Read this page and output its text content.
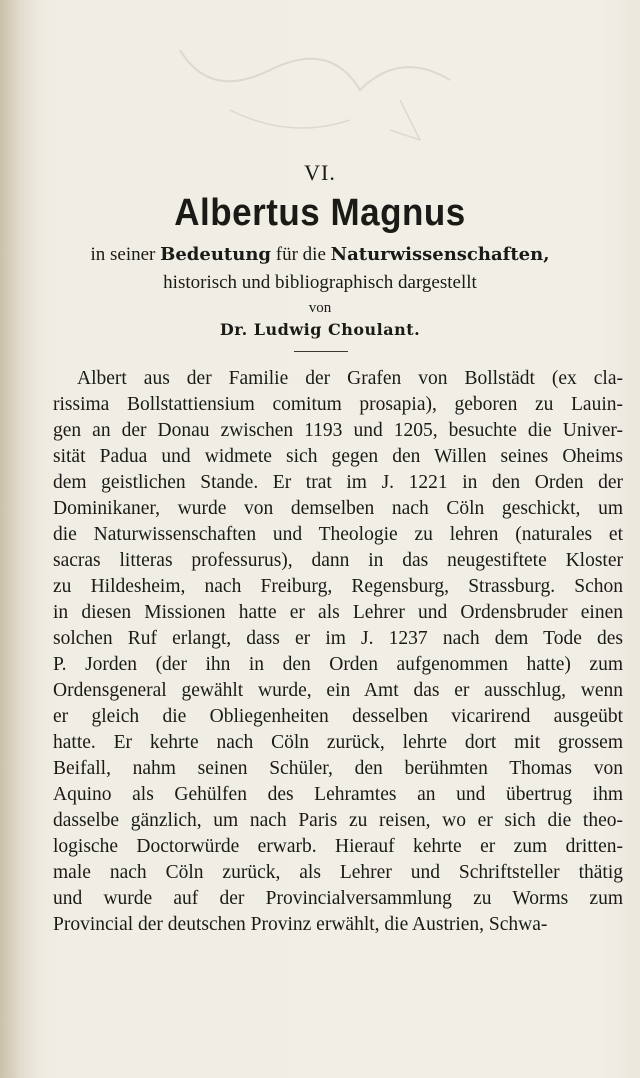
VI.
Albertus Magnus
in seiner Bedeutung für die Naturwissenschaften,
historisch und bibliographisch dargestellt
von
Dr. Ludwig Choulant.
Albert aus der Familie der Grafen von Bollstädt (ex cla-
rissima Bollstattiensium comitum prosapia), geboren zu Lauin-
gen an der Donau zwischen 1193 und 1205, besuchte die Univer-
sität Padua und widmete sich gegen den Willen seines Oheims
dem geistlichen Stande. Er trat im J. 1221 in den Orden der
Dominikaner, wurde von demselben nach Cöln geschickt, um
die Naturwissenschaften und Theologie zu lehren (naturales et
sacras litteras professurus), dann in das neugestiftete Kloster
zu Hildesheim, nach Freiburg, Regensburg, Strassburg. Schon
in diesen Missionen hatte er als Lehrer und Ordensbruder einen
solchen Ruf erlangt, dass er im J. 1237 nach dem Tode des
P. Jorden (der ihn in den Orden aufgenommen hatte) zum
Ordensgeneral gewählt wurde, ein Amt das er ausschlug, wenn
er gleich die Obliegenheiten desselben vicarirend ausgeübt
hatte. Er kehrte nach Cöln zurück, lehrte dort mit grossem
Beifall, nahm seinen Schüler, den berühmten Thomas von
Aquino als Gehülfen des Lehramtes an und übertrug ihm
dasselbe gänzlich, um nach Paris zu reisen, wo er sich die theo-
logische Doctorwürde erwarb. Hierauf kehrte er zum dritten-
male nach Cöln zurück, als Lehrer und Schriftsteller thätig
und wurde auf der Provincialversammlung zu Worms zum
Provincial der deutschen Provinz erwählt, die Austrien, Schwa-
